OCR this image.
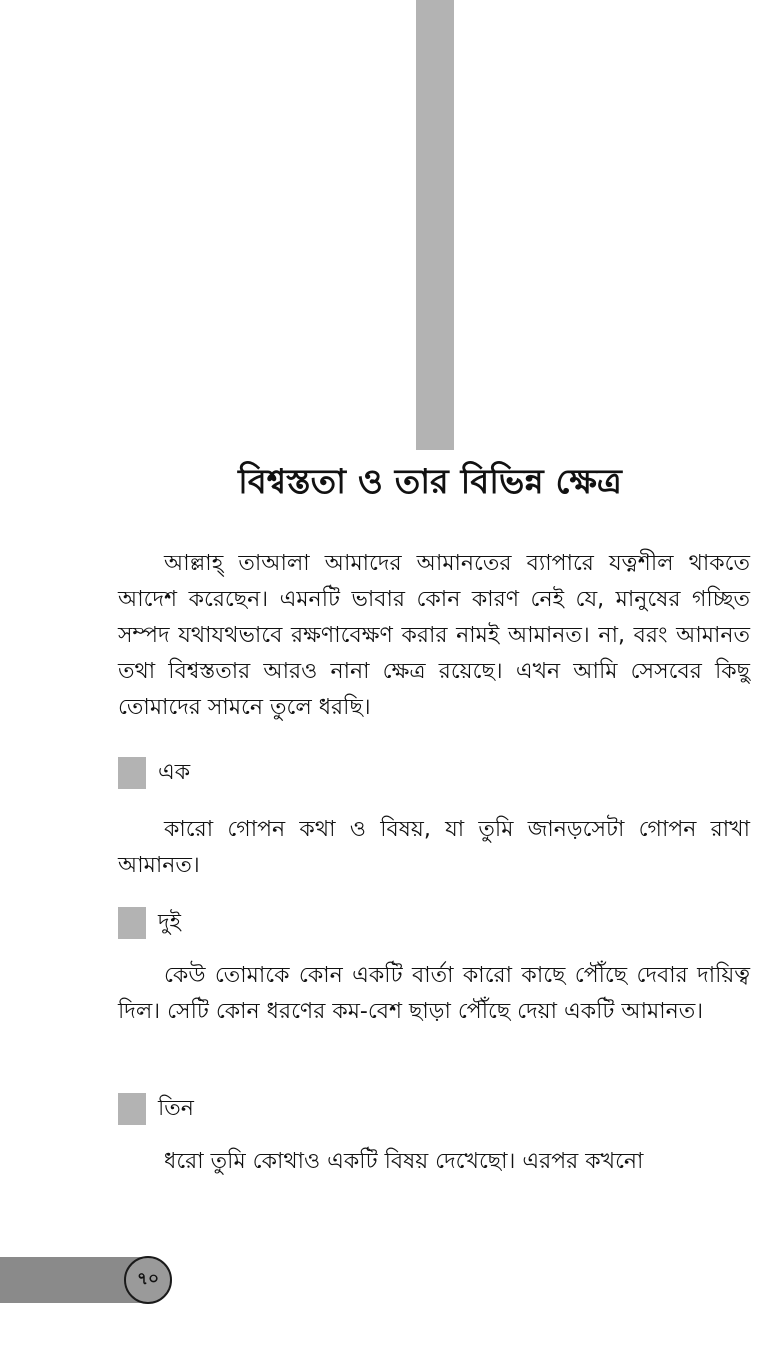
বিশ্বস্ততা ও তার বিভিন্ন ক্ষেত্র

আল্লাহ্ তাআলা আমাদের আমানতের ব্যাপারে যত্নশীল থাকতে আদেশ করেছেন। এমনটি ভাবার কোন কারণ নেই যে, মানুষের গচ্ছিত সম্পদ যথাযথভাবে রক্ষণাবেক্ষণ করার নামই আমানত। না, বরং আমানত তথা বিশ্বস্ততার আরও নানা ক্ষেত্র রয়েছে। এখন আমি সেসবের কিছু তোমাদের সামনে তুলে ধরছি।

এক

কারো গোপন কথা ও বিষয়, যা তুমি জানড়সেটা গোপন রাখা আমানত।

দুই

কেউ তোমাকে কোন একটি বার্তা কারো কাছে পৌঁছে দেবার দায়িত্ব দিল। সেটি কোন ধরণের কম-বেশ ছাড়া পৌঁছে দেয়া একটি আমানত।

তিন

ধরো তুমি কোথাও একটি বিষয় দেখেছো। এরপর কখনো

৭০
